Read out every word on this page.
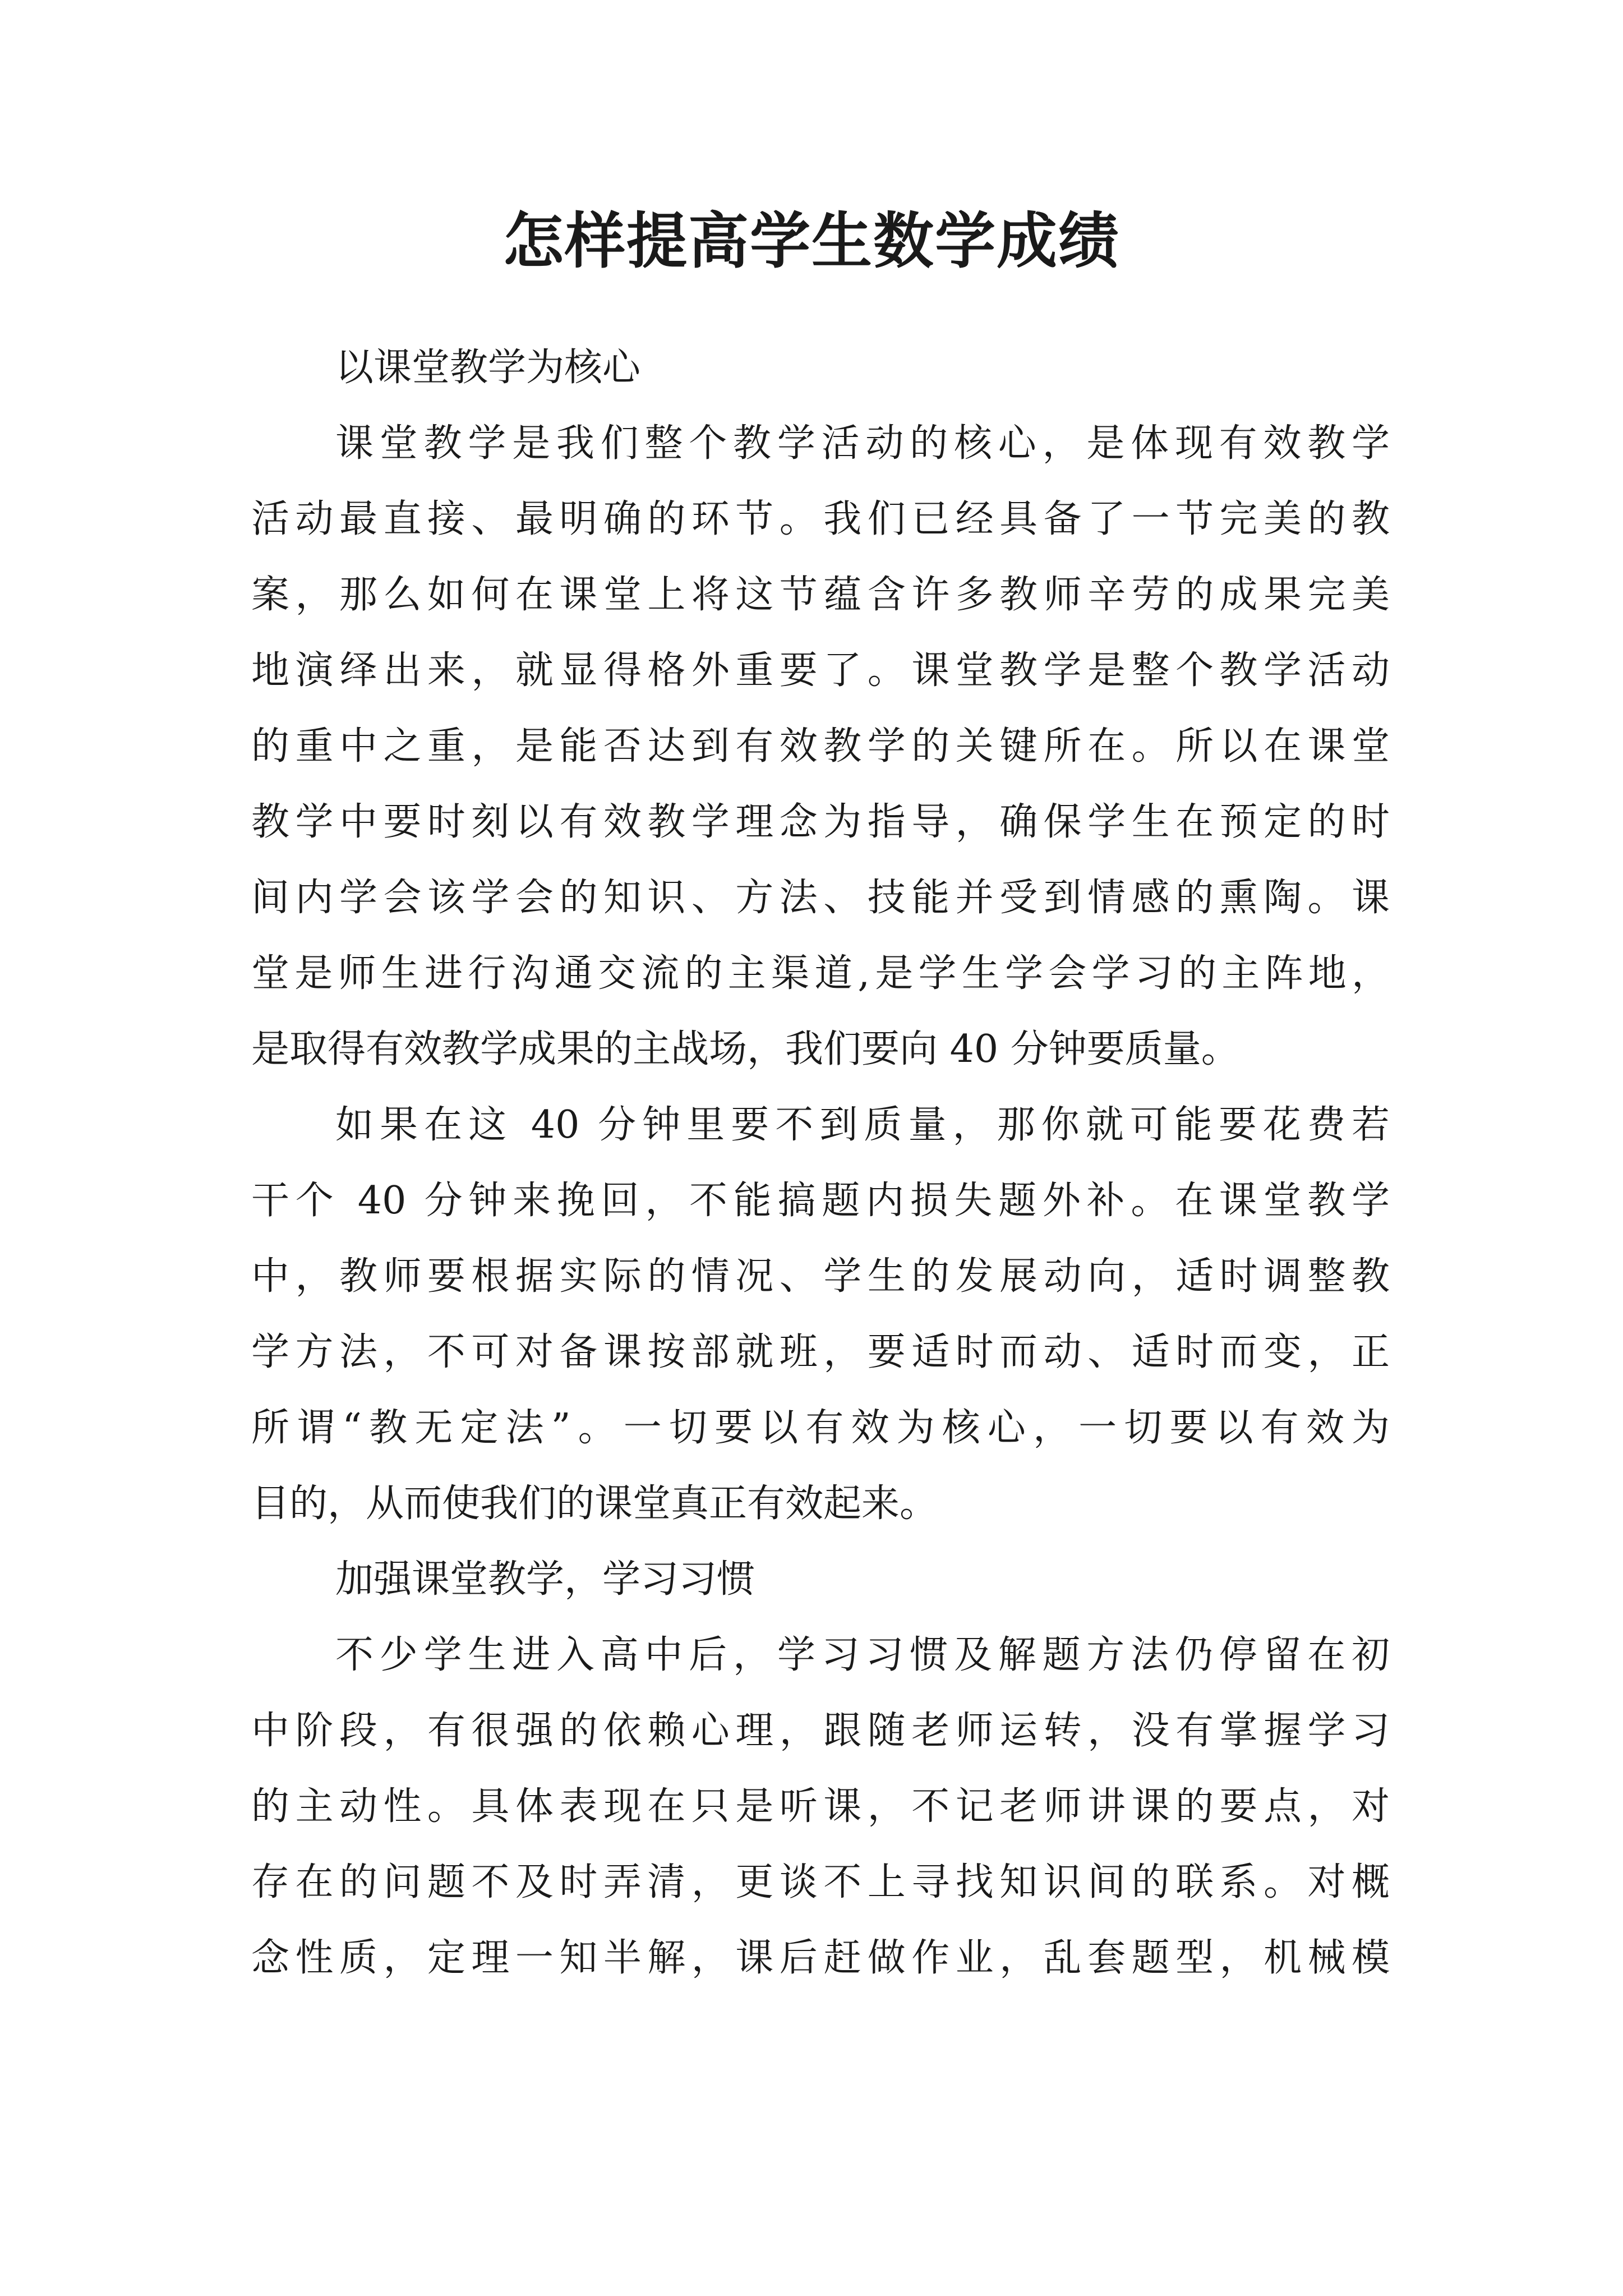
怎样提高学生数学成绩
以课堂教学为核心
课堂教学是我们整个教学活动的核心，是体现有效教学
活动最直接、最明确的环节。我们已经具备了一节完美的教
案，那么如何在课堂上将这节蕴含许多教师辛劳的成果完美
地演绎出来，就显得格外重要了。课堂教学是整个教学活动
的重中之重，是能否达到有效教学的关键所在。所以在课堂
教学中要时刻以有效教学理念为指导，确保学生在预定的时
间内学会该学会的知识、方法、技能并受到情感的熏陶。课
堂是师生进行沟通交流的主渠道,是学生学会学习的主阵地，
是取得有效教学成果的主战场，我们要向 40 分钟要质量。
如果在这 40 分钟里要不到质量，那你就可能要花费若
干个 40 分钟来挽回，不能搞题内损失题外补。在课堂教学
中，教师要根据实际的情况、学生的发展动向，适时调整教
学方法，不可对备课按部就班，要适时而动、适时而变，正
所谓“教无定法”。一切要以有效为核心，一切要以有效为
目的，从而使我们的课堂真正有效起来。
加强课堂教学，学习习惯
不少学生进入高中后，学习习惯及解题方法仍停留在初
中阶段，有很强的依赖心理，跟随老师运转，没有掌握学习
的主动性。具体表现在只是听课，不记老师讲课的要点，对
存在的问题不及时弄清，更谈不上寻找知识间的联系。对概
念性质，定理一知半解，课后赶做作业，乱套题型，机械模
